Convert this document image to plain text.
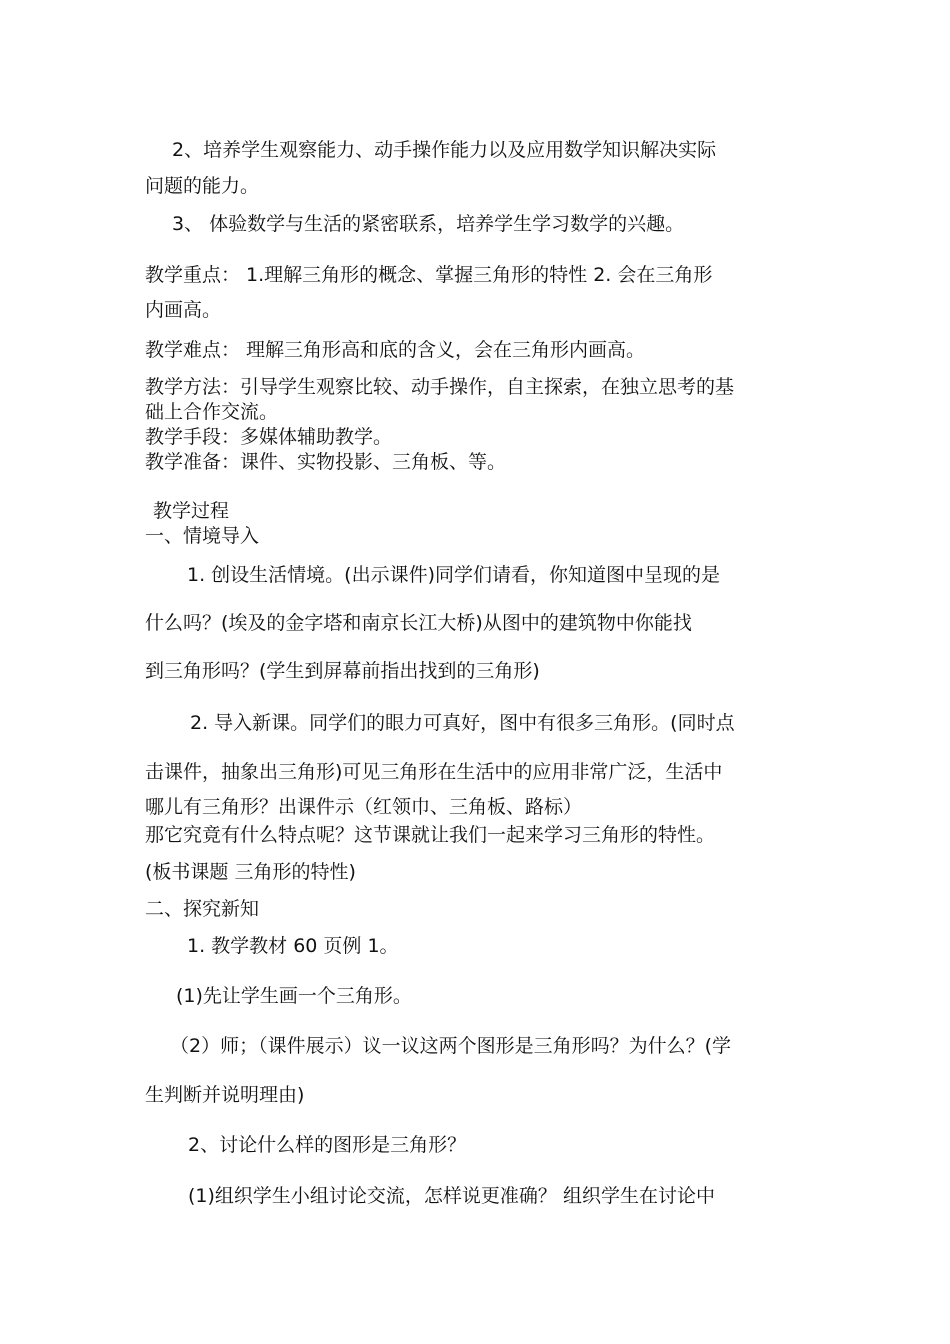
2、培养学生观察能力、动手操作能力以及应用数学知识解决实际
问题的能力。
3、 体验数学与生活的紧密联系，培养学生学习数学的兴趣。
教学重点： 1.理解三角形的概念、掌握三角形的特性 2. 会在三角形
内画高。
教学难点： 理解三角形高和底的含义，会在三角形内画高。
教学方法：引导学生观察比较、动手操作，自主探索，在独立思考的基
础上合作交流。
教学手段：多媒体辅助教学。
教学准备：课件、实物投影、三角板、等。
教学过程
一、情境导入
1. 创设生活情境。(出示课件)同学们请看，你知道图中呈现的是
什么吗？(埃及的金字塔和南京长江大桥)从图中的建筑物中你能找
到三角形吗？(学生到屏幕前指出找到的三角形)
2. 导入新课。同学们的眼力可真好，图中有很多三角形。(同时点
击课件，抽象出三角形)可见三角形在生活中的应用非常广泛，生活中
哪儿有三角形？出课件示（红领巾、三角板、路标）
那它究竟有什么特点呢？这节课就让我们一起来学习三角形的特性。
(板书课题 三角形的特性)
二、探究新知
1. 教学教材 60 页例 1。
(1)先让学生画一个三角形。
（2）师；（课件展示）议一议这两个图形是三角形吗？为什么？(学
生判断并说明理由)
2、讨论什么样的图形是三角形？
(1)组织学生小组讨论交流，怎样说更准确？ 组织学生在讨论中
